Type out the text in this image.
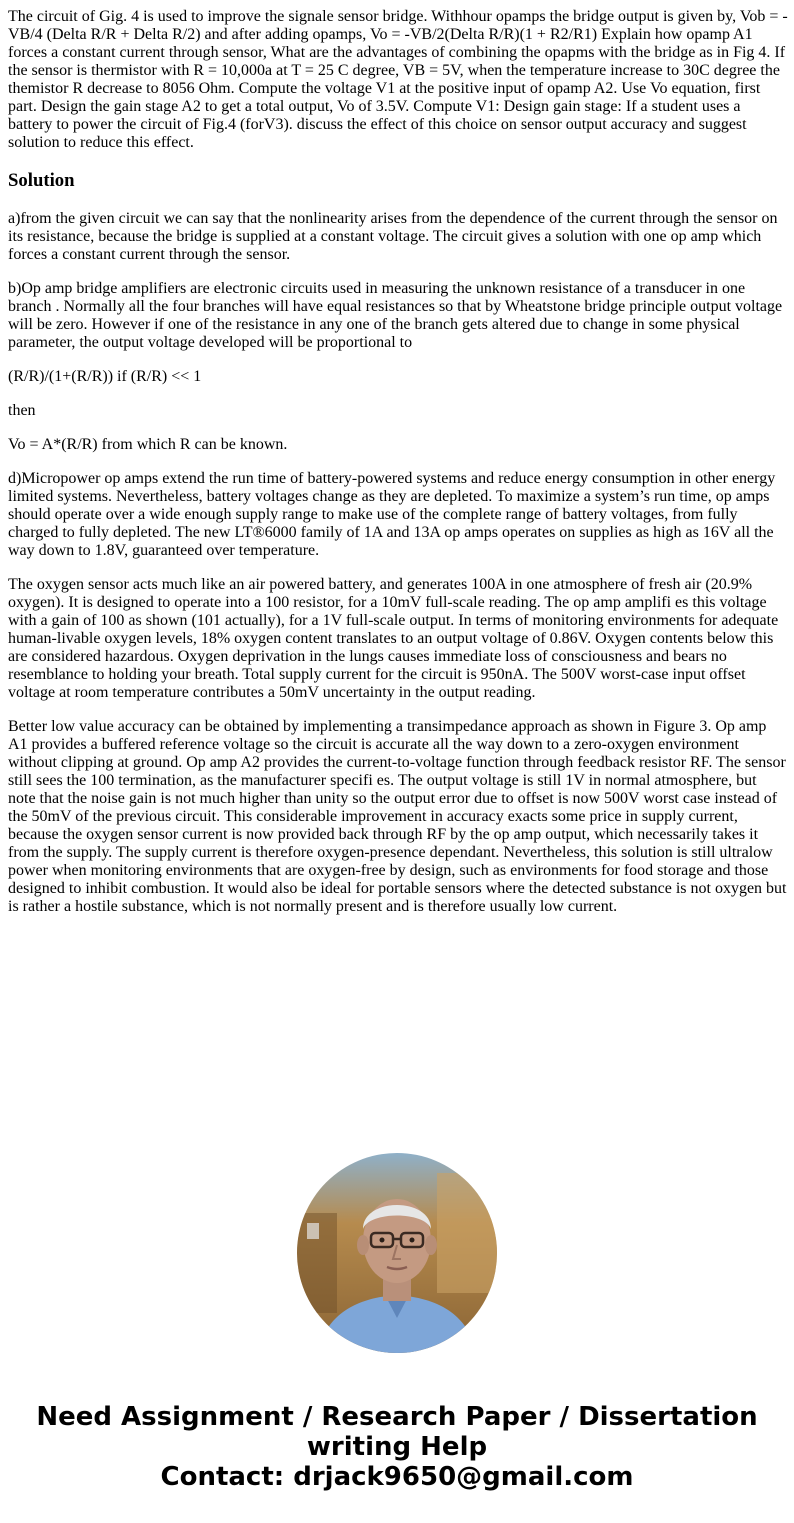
The circuit of Gig. 4 is used to improve the signale sensor bridge. Withhour opamps the bridge output is given by, Vob = -VB/4 (Delta R/R + Delta R/2) and after adding opamps, Vo = -VB/2(Delta R/R)(1 + R2/R1) Explain how opamp A1 forces a constant current through sensor, What are the advantages of combining the opapms with the bridge as in Fig 4. If the sensor is thermistor with R = 10,000a at T = 25 C degree, VB = 5V, when the temperature increase to 30C degree the themistor R decrease to 8056 Ohm. Compute the voltage V1 at the positive input of opamp A2. Use Vo equation, first part. Design the gain stage A2 to get a total output, Vo of 3.5V. Compute V1: Design gain stage: If a student uses a battery to power the circuit of Fig.4 (forV3). discuss the effect of this choice on sensor output accuracy and suggest solution to reduce this effect.

Solution

a)from the given circuit we can say that the nonlinearity arises from the dependence of the current through the sensor on its resistance, because the bridge is supplied at a constant voltage. The circuit gives a solution with one op amp which forces a constant current through the sensor.

b)Op amp bridge amplifiers are electronic circuits used in measuring the unknown resistance of a transducer in one branch . Normally all the four branches will have equal resistances so that by Wheatstone bridge principle output voltage will be zero. However if one of the resistance in any one of the branch gets altered due to change in some physical parameter, the output voltage developed will be proportional to

(R/R)/(1+(R/R)) if (R/R) << 1

then

Vo = A*(R/R) from which R can be known.

d)Micropower op amps extend the run time of battery-powered systems and reduce energy consumption in other energy limited systems. Nevertheless, battery voltages change as they are depleted. To maximize a system’s run time, op amps should operate over a wide enough supply range to make use of the complete range of battery voltages, from fully charged to fully depleted. The new LT®6000 family of 1A and 13A op amps operates on supplies as high as 16V all the way down to 1.8V, guaranteed over temperature.

The oxygen sensor acts much like an air powered battery, and generates 100A in one atmosphere of fresh air (20.9% oxygen). It is designed to operate into a 100 resistor, for a 10mV full-scale reading. The op amp amplifi es this voltage with a gain of 100 as shown (101 actually), for a 1V full-scale output. In terms of monitoring environments for adequate human-livable oxygen levels, 18% oxygen content translates to an output voltage of 0.86V. Oxygen contents below this are considered hazardous. Oxygen deprivation in the lungs causes immediate loss of consciousness and bears no resemblance to holding your breath. Total supply current for the circuit is 950nA. The 500V worst-case input offset voltage at room temperature contributes a 50mV uncertainty in the output reading.

Better low value accuracy can be obtained by implementing a transimpedance approach as shown in Figure 3. Op amp A1 provides a buffered reference voltage so the circuit is accurate all the way down to a zero-oxygen environment without clipping at ground. Op amp A2 provides the current-to-voltage function through feedback resistor RF. The sensor still sees the 100 termination, as the manufacturer specifi es. The output voltage is still 1V in normal atmosphere, but note that the noise gain is not much higher than unity so the output error due to offset is now 500V worst case instead of the 50mV of the previous circuit. This considerable improvement in accuracy exacts some price in supply current, because the oxygen sensor current is now provided back through RF by the op amp output, which necessarily takes it from the supply. The supply current is therefore oxygen-presence dependant. Nevertheless, this solution is still ultralow power when monitoring environments that are oxygen-free by design, such as environments for food storage and those designed to inhibit combustion. It would also be ideal for portable sensors where the detected substance is not oxygen but is rather a hostile substance, which is not normally present and is therefore usually low current.

Need Assignment / Research Paper / Dissertation
writing Help
Contact: drjack9650@gmail.com
